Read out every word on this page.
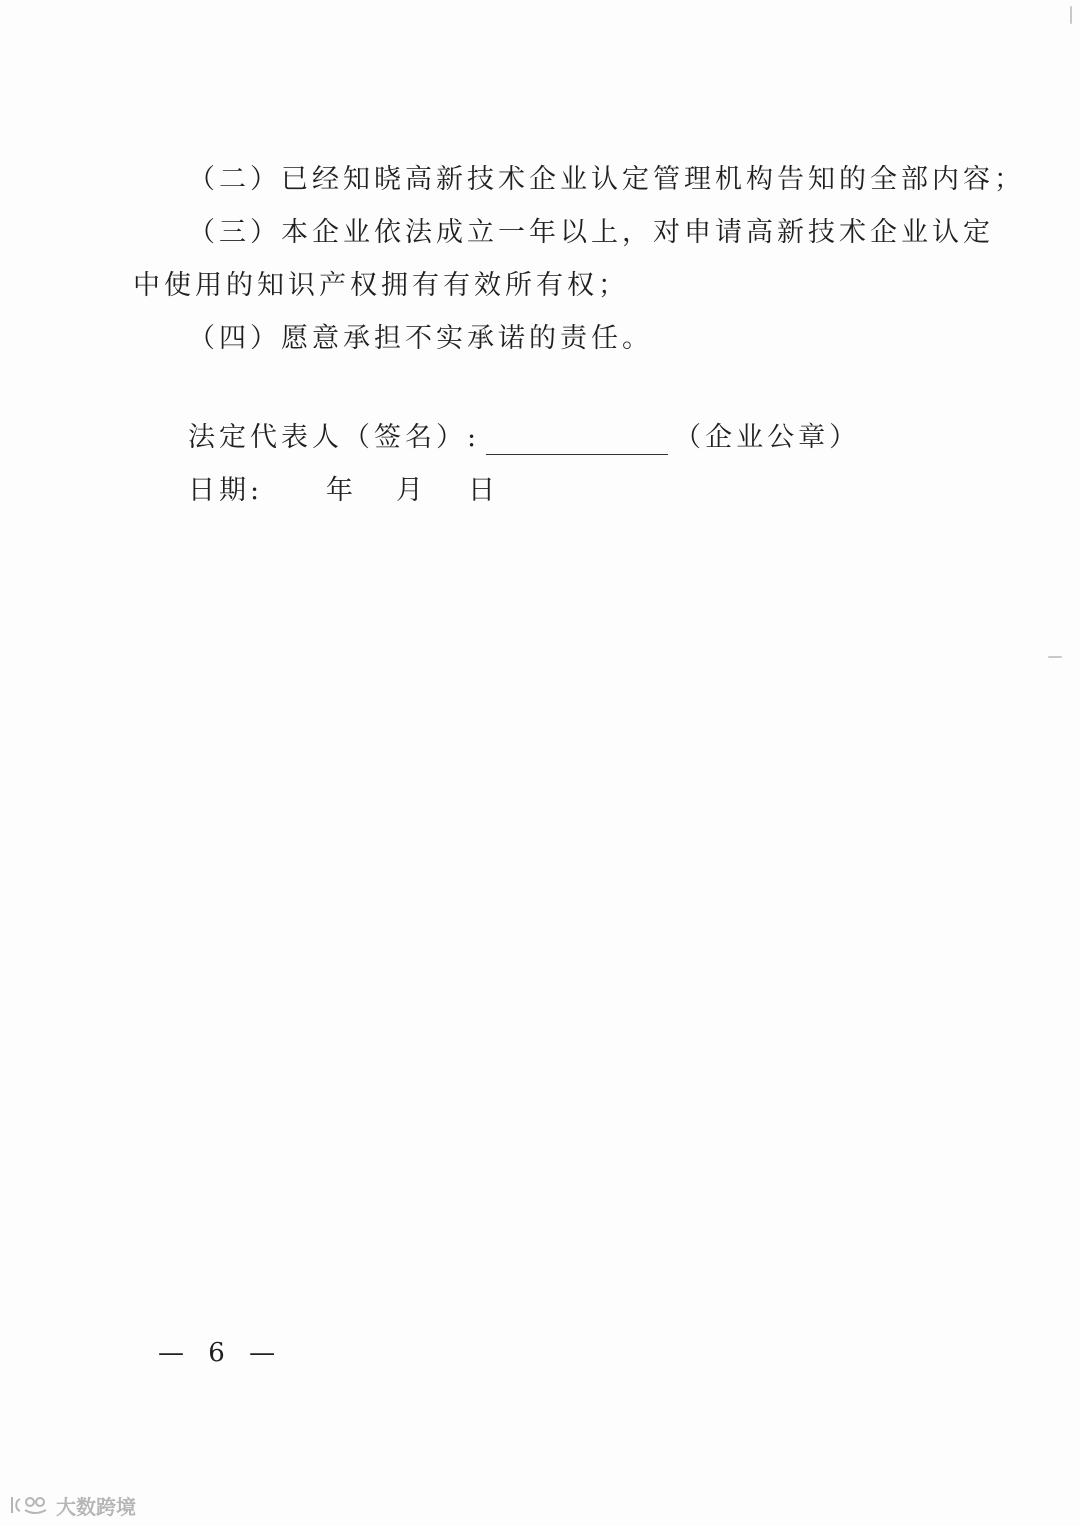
（二）已经知晓高新技术企业认定管理机构告知的全部内容；
（三）本企业依法成立一年以上，对申请高新技术企业认定
中使用的知识产权拥有有效所有权；
（四）愿意承担不实承诺的责任。
法定代表人（签名）:	（企业公章）
日期: 年 月 日
— 6 —
大数跨境
